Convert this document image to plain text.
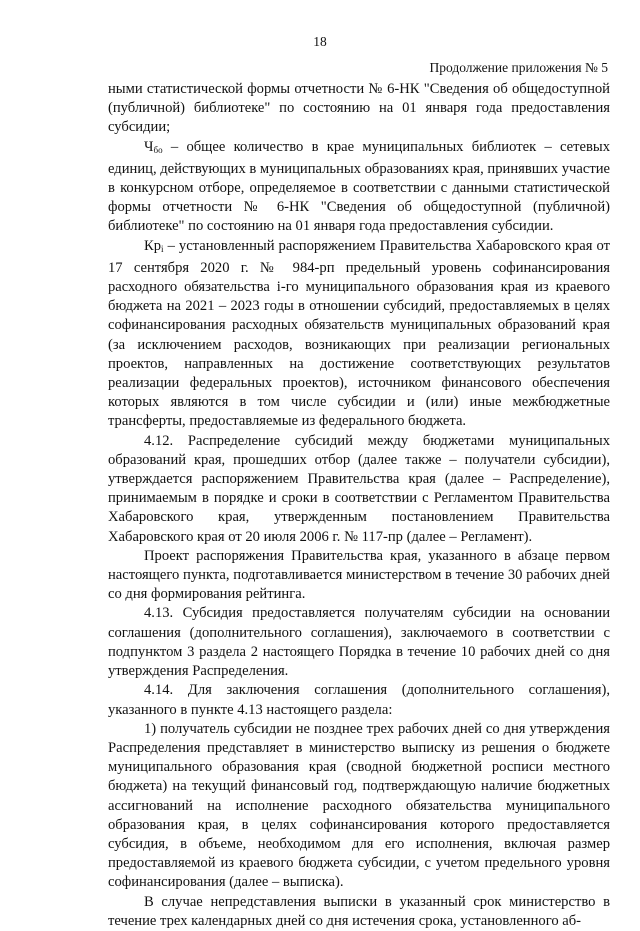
18
Продолжение приложения № 5

ными статистической формы отчетности № 6-НК "Сведения об общедоступной (публичной) библиотеке" по состоянию на 01 января года предоставления субсидии;

$Ч_{бо}$ – общее количество в крае муниципальных библиотек – сетевых единиц, действующих в муниципальных образованиях края, принявших участие в конкурсном отборе, определяемое в соответствии с данными статистической формы отчетности № 6-НК "Сведения об общедоступной (публичной) библиотеке" по состоянию на 01 января года предоставления субсидии.

$Кр_i$ – установленный распоряжением Правительства Хабаровского края от 17 сентября 2020 г. № 984-рп предельный уровень софинансирования расходного обязательства i-го муниципального образования края из краевого бюджета на 2021 – 2023 годы в отношении субсидий, предоставляемых в целях софинансирования расходных обязательств муниципальных образований края (за исключением расходов, возникающих при реализации региональных проектов, направленных на достижение соответствующих результатов реализации федеральных проектов), источником финансового обеспечения которых являются в том числе субсидии и (или) иные межбюджетные трансферты, предоставляемые из федерального бюджета.

4.12. Распределение субсидий между бюджетами муниципальных образований края, прошедших отбор (далее также – получатели субсидии), утверждается распоряжением Правительства края (далее – Распределение), принимаемым в порядке и сроки в соответствии с Регламентом Правительства Хабаровского края, утвержденным постановлением Правительства Хабаровского края от 20 июля 2006 г. № 117-пр (далее – Регламент).

Проект распоряжения Правительства края, указанного в абзаце первом настоящего пункта, подготавливается министерством в течение 30 рабочих дней со дня формирования рейтинга.

4.13. Субсидия предоставляется получателям субсидии на основании соглашения (дополнительного соглашения), заключаемого в соответствии с подпунктом 3 раздела 2 настоящего Порядка в течение 10 рабочих дней со дня утверждения Распределения.

4.14. Для заключения соглашения (дополнительного соглашения), указанного в пункте 4.13 настоящего раздела:

1) получатель субсидии не позднее трех рабочих дней со дня утверждения Распределения представляет в министерство выписку из решения о бюджете муниципального образования края (сводной бюджетной росписи местного бюджета) на текущий финансовый год, подтверждающую наличие бюджетных ассигнований на исполнение расходного обязательства муниципального образования края, в целях софинансирования которого предоставляется субсидия, в объеме, необходимом для его исполнения, включая размер предоставляемой из краевого бюджета субсидии, с учетом предельного уровня софинансирования (далее – выписка).

В случае непредставления выписки в указанный срок министерство в течение трех календарных дней со дня истечения срока, установленного аб-
